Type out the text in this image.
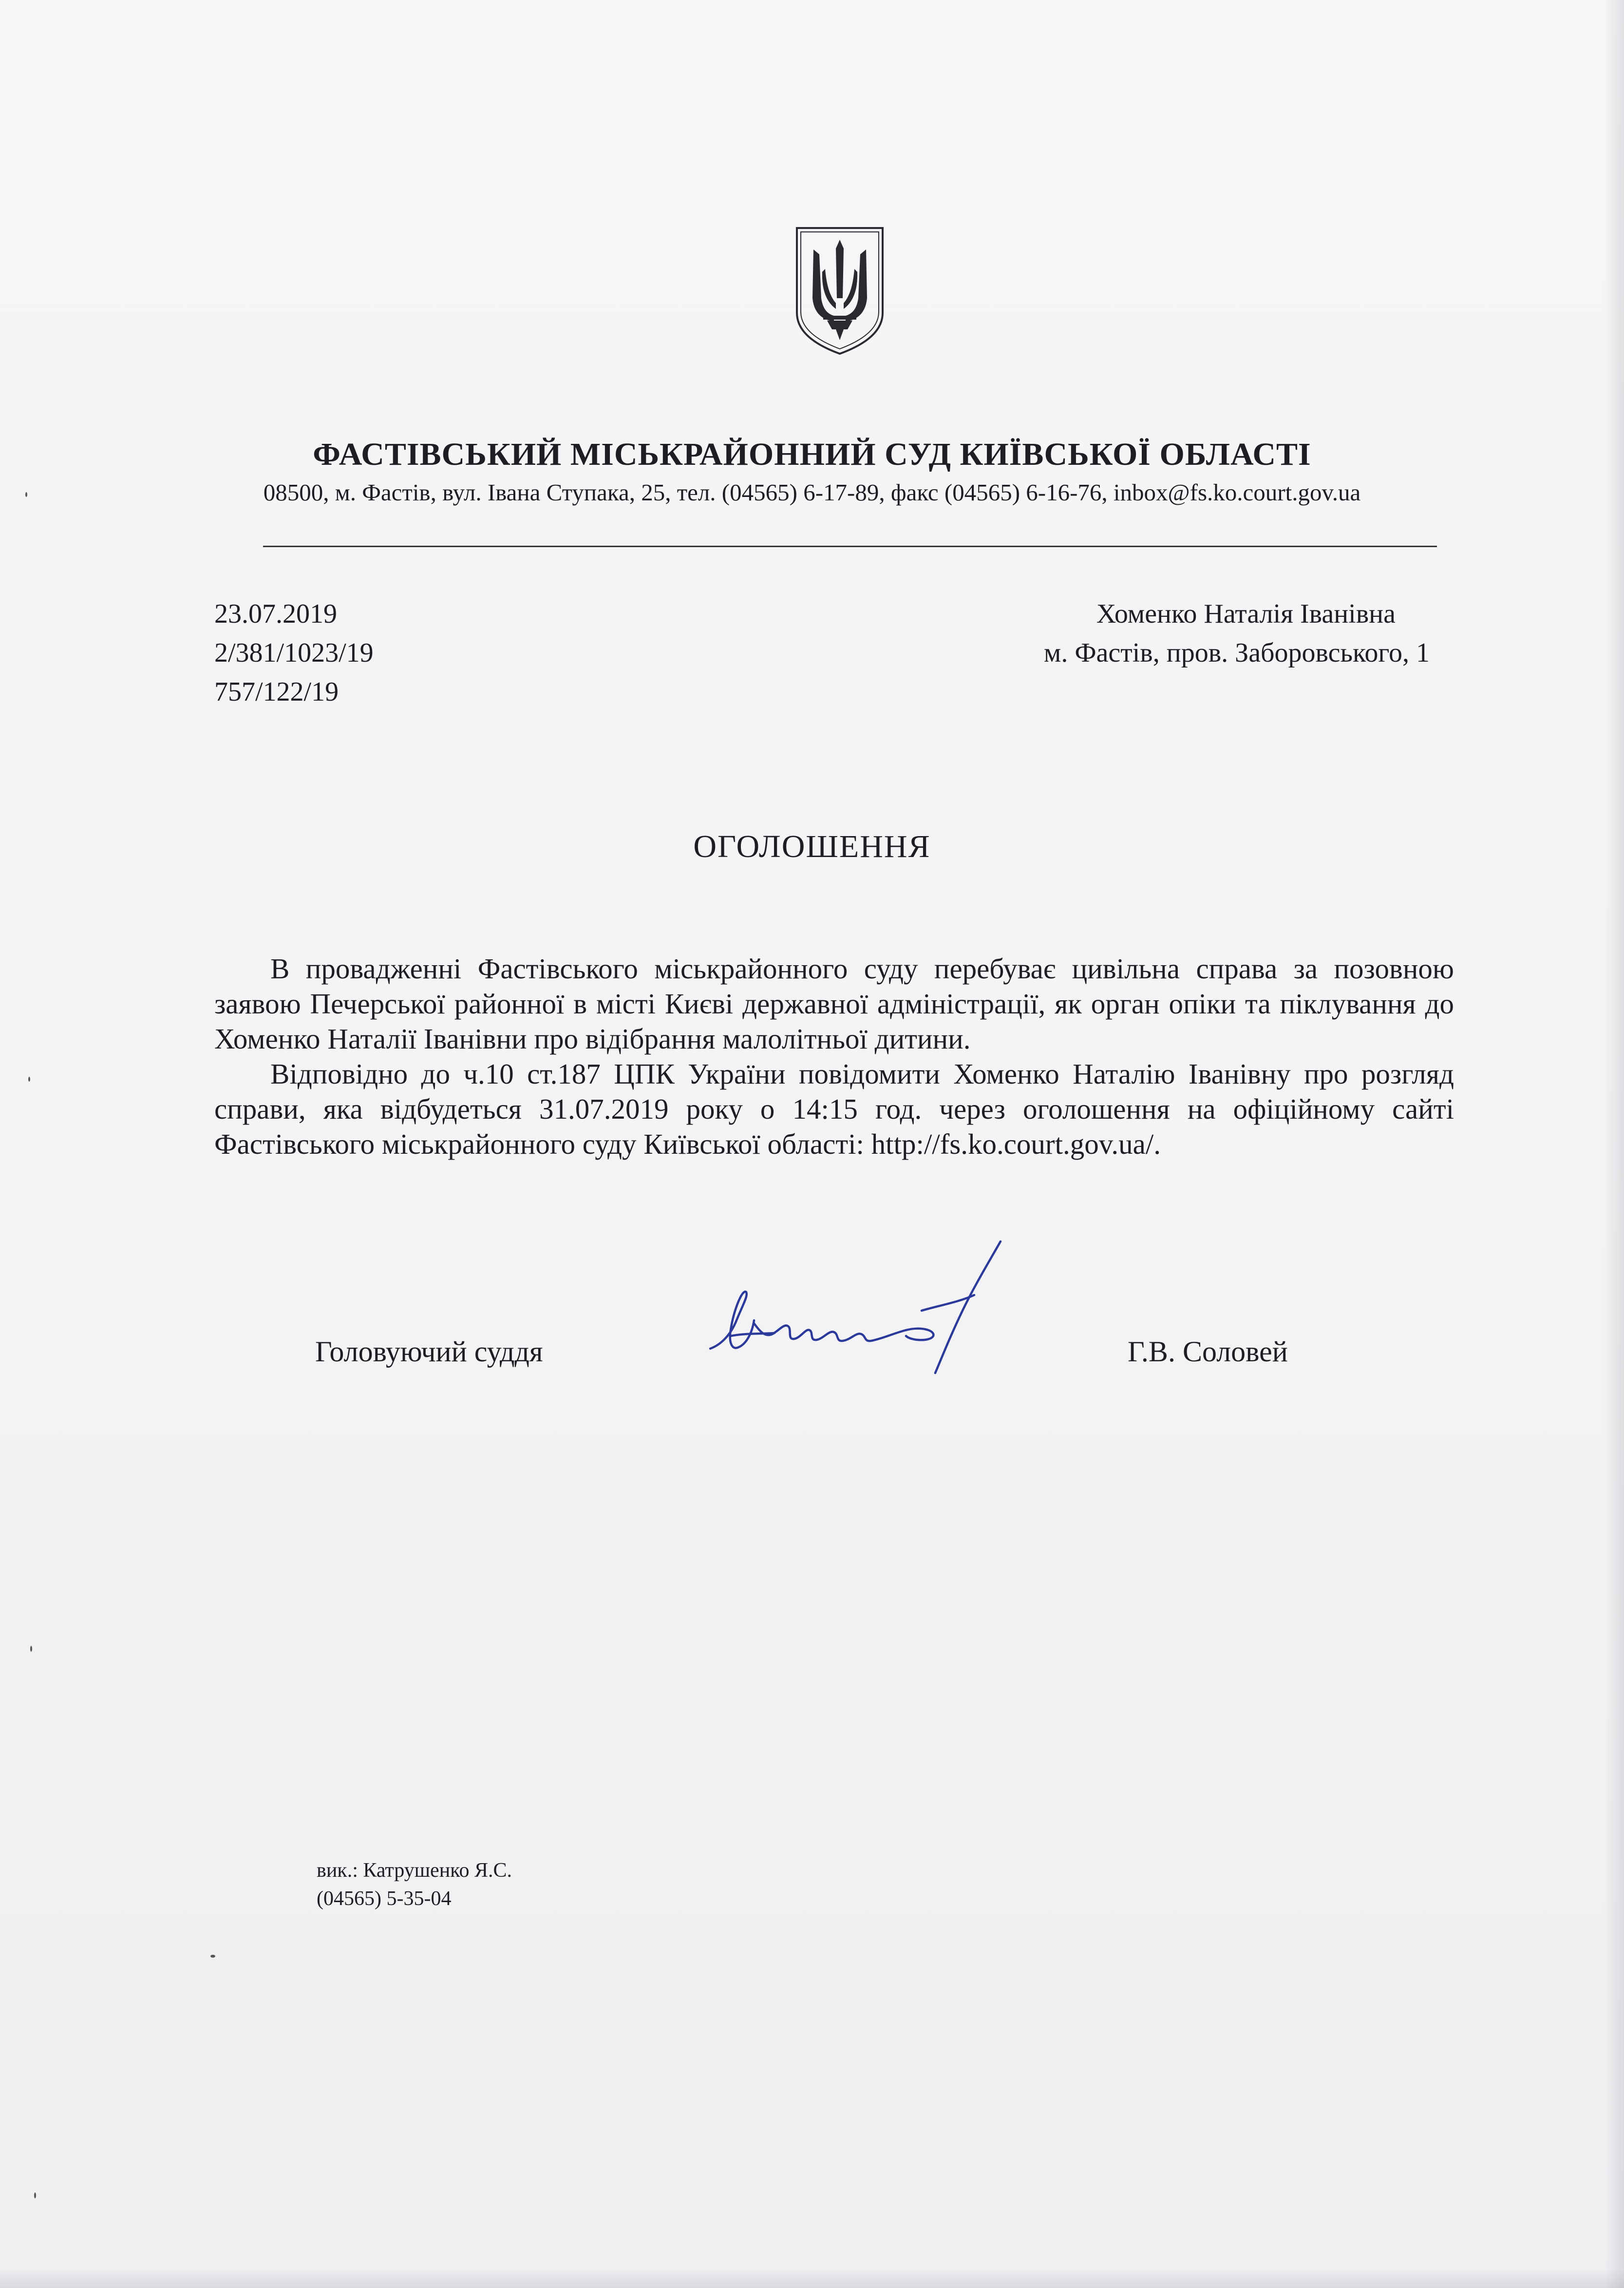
ФАСТІВСЬКИЙ МІСЬКРАЙОННИЙ СУД КИЇВСЬКОЇ ОБЛАСТІ
08500, м. Фастів, вул. Івана Ступака, 25, тел. (04565) 6-17-89, факс (04565) 6-16-76, inbox@fs.ko.court.gov.ua
23.07.2019
2/381/1023/19
757/122/19
Хоменко Наталія Іванівна
м. Фастів, пров. Заборовського, 1
ОГОЛОШЕННЯ

В провадженні Фастівського міськрайонного суду перебуває цивільна справа за позовною заявою Печерської районної в місті Києві державної адміністрації, як орган опіки та піклування до Хоменко Наталії Іванівни про відібрання малолітньої дитини.

Відповідно до ч.10 ст.187 ЦПК України повідомити Хоменко Наталію Іванівну про розгляд справи, яка відбудеться 31.07.2019 року о 14:15 год. через оголошення на офіційному сайті Фастівського міськрайонного суду Київської області: http://fs.ko.court.gov.ua/.

Головуючий суддя	Г.В. Соловей
вик.: Катрушенко Я.С.
(04565) 5-35-04
